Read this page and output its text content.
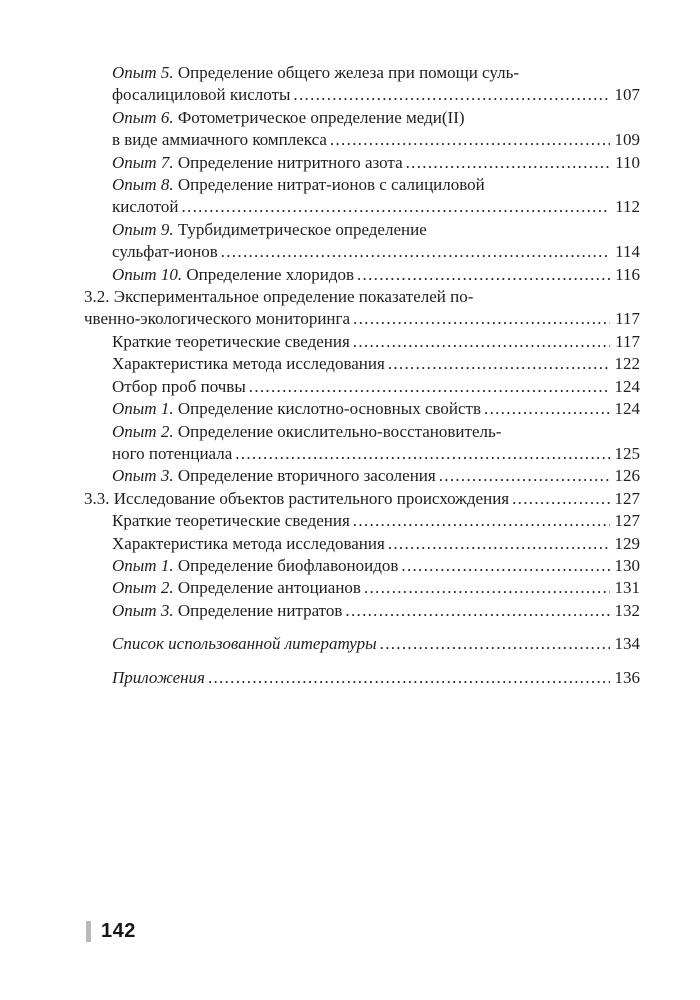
Опыт 5. Определение общего железа при помощи суль-
фосалициловой кислоты .....	107
Опыт 6. Фотометрическое определение меди(II)
в виде аммиачного комплекса .....	109
Опыт 7. Определение нитритного азота .....	110
Опыт 8. Определение нитрат-ионов с салициловой
кислотой .....	112
Опыт 9. Турбидиметрическое определение
сульфат-ионов .....	114
Опыт 10. Определение хлоридов .....	116
3.2. Экспериментальное определение показателей по-
чвенно-экологического мониторинга .....	117
Краткие теоретические сведения .....	117
Характеристика метода исследования .....	122
Отбор проб почвы .....	124
Опыт 1. Определение кислотно-основных свойств .....	124
Опыт 2. Определение окислительно-восстановитель-
ного потенциала .....	125
Опыт 3. Определение вторичного засоления .....	126
3.3. Исследование объектов растительного происхождения .....	127
Краткие теоретические сведения .....	127
Характеристика метода исследования .....	129
Опыт 1. Определение биофлавоноидов .....	130
Опыт 2. Определение антоцианов .....	131
Опыт 3. Определение нитратов .....	132
Список использованной литературы .....	134
Приложения .....	136
142
